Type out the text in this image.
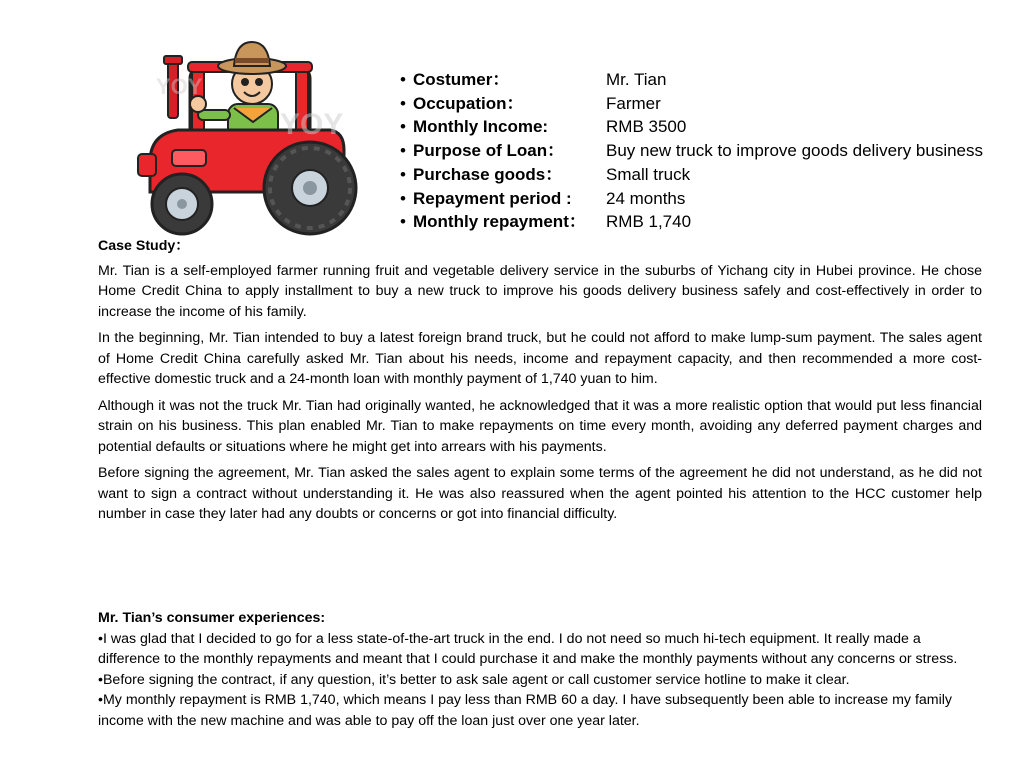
YOY
YOY	• Costumer：	Mr. Tian
• Occupation：	Farmer
• Monthly Income:	RMB 3500
• Purpose of Loan：	Buy new truck to improve goods delivery business
• Purchase goods：	Small truck
• Repayment period :	24 months
• Monthly repayment：	RMB 1,740
Case Study：

Mr. Tian is a self-employed farmer running fruit and vegetable delivery service in the suburbs of Yichang city in Hubei province. He chose Home Credit China to apply installment to buy a new truck to improve his goods delivery business safely and cost-effectively in order to increase the income of his family.

In the beginning, Mr. Tian intended to buy a latest foreign brand truck, but he could not afford to make lump-sum payment. The sales agent of Home Credit China carefully asked Mr. Tian about his needs, income and repayment capacity, and then recommended a more cost-effective domestic truck and a 24-month loan with monthly payment of 1,740 yuan to him.

Although it was not the truck Mr. Tian had originally wanted, he acknowledged that it was a more realistic option that would put less financial strain on his business. This plan enabled Mr. Tian to make repayments on time every month, avoiding any deferred payment charges and potential defaults or situations where he might get into arrears with his payments.

Before signing the agreement, Mr. Tian asked the sales agent to explain some terms of the agreement he did not understand, as he did not want to sign a contract without understanding it. He was also reassured when the agent pointed his attention to the HCC customer help number in case they later had any doubts or concerns or got into financial difficulty.

Mr. Tian’s consumer experiences:

•I was glad that I decided to go for a less state-of-the-art truck in the end. I do not need so much hi-tech equipment. It really made a difference to the monthly repayments and meant that I could purchase it and make the monthly payments without any concerns or stress.

•Before signing the contract, if any question, it’s better to ask sale agent or call customer service hotline to make it clear.

•My monthly repayment is RMB 1,740, which means I pay less than RMB 60 a day. I have subsequently been able to increase my family income with the new machine and was able to pay off the loan just over one year later.
